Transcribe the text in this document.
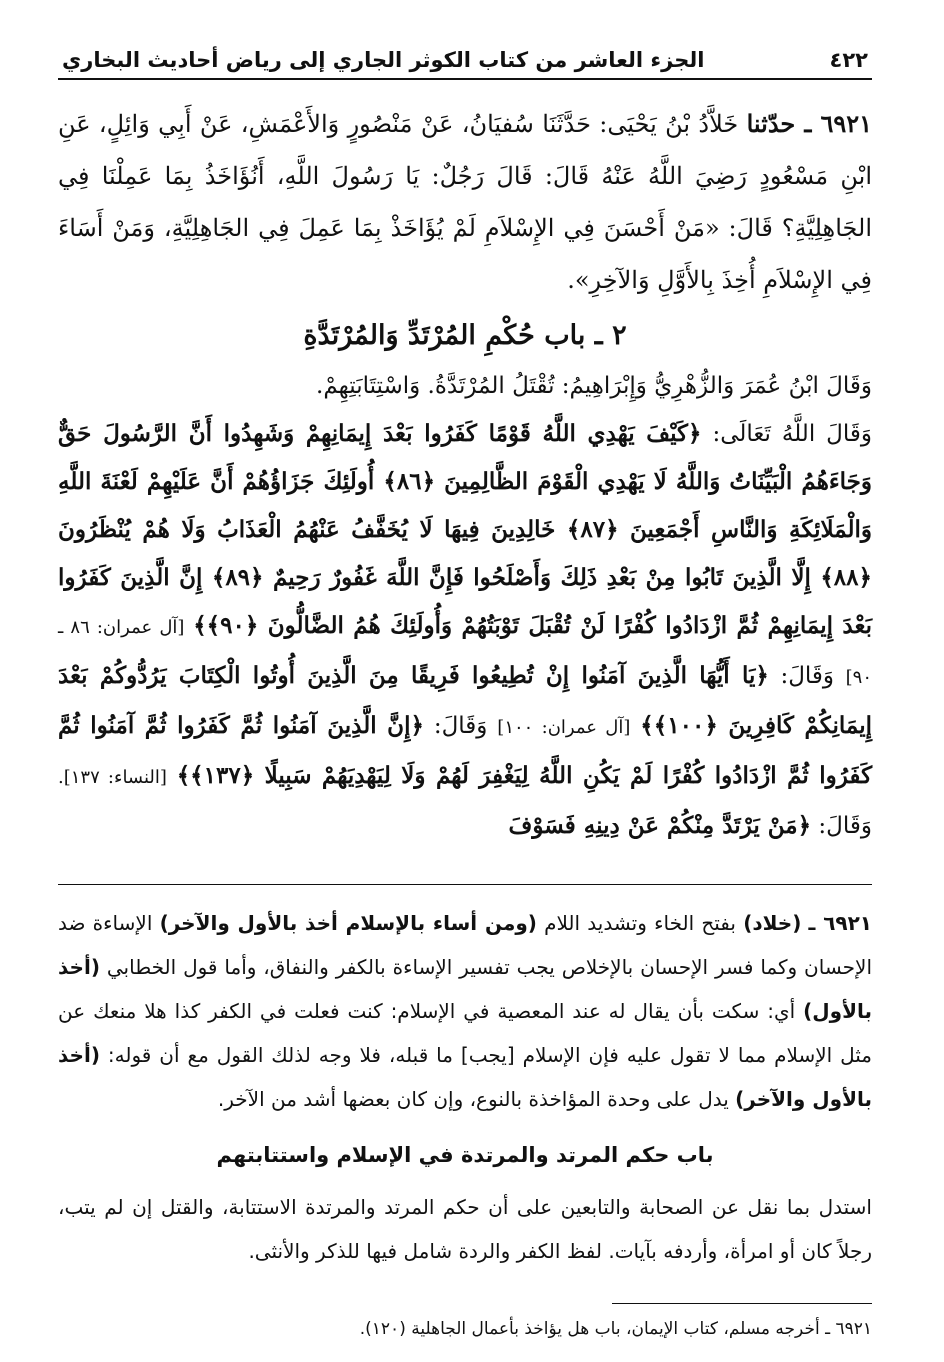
٤٢٢
الجزء العاشر من كتاب الكوثر الجاري إلى رياض أحاديث البخاري
٦٩٢١ ـ حدّثنا خَلاَّدُ بْنُ يَحْيَى: حَدَّثَنَا سُفيَانُ، عَنْ مَنْصُورٍ وَالأَعْمَشِ، عَنْ أَبِي وَائِلٍ، عَنِ ابْنِ مَسْعُودٍ رَضِيَ اللَّهُ عَنْهُ قَالَ: قَالَ رَجُلٌ: يَا رَسُولَ اللَّهِ، أَنُؤَاخَذُ بِمَا عَمِلْنَا فِي الجَاهِلِيَّةِ؟ قَالَ: «مَنْ أَحْسَنَ فِي الإِسْلاَمِ لَمْ يُؤَاخَذْ بِمَا عَمِلَ فِي الجَاهِلِيَّةِ، وَمَنْ أَسَاءَ فِي الإِسْلاَمِ أُخِذَ بِالأَوَّلِ وَالآخِرِ».
٢ ـ باب حُكْمِ المُرْتَدِّ وَالمُرْتَدَّةِ

وَقَالَ ابْنُ عُمَرَ وَالزُّهْرِيُّ وَإِبْرَاهِيمُ: تُقْتَلُ المُرْتَدَّةُ. وَاسْتِتَابَتِهِمْ.

وَقَالَ اللَّهُ تَعَالَى: ﴿كَيْفَ يَهْدِي اللَّهُ قَوْمًا كَفَرُوا بَعْدَ إِيمَانِهِمْ وَشَهِدُوا أَنَّ الرَّسُولَ حَقٌّ وَجَاءَهُمُ الْبَيِّنَاتُ وَاللَّهُ لَا يَهْدِي الْقَوْمَ الظَّالِمِينَ ﴿٨٦﴾ أُولَئِكَ جَزَاؤُهُمْ أَنَّ عَلَيْهِمْ لَعْنَةَ اللَّهِ وَالْمَلَائِكَةِ وَالنَّاسِ أَجْمَعِينَ ﴿٨٧﴾ خَالِدِينَ فِيهَا لَا يُخَفَّفُ عَنْهُمُ الْعَذَابُ وَلَا هُمْ يُنْظَرُونَ ﴿٨٨﴾ إِلَّا الَّذِينَ تَابُوا مِنْ بَعْدِ ذَلِكَ وَأَصْلَحُوا فَإِنَّ اللَّهَ غَفُورٌ رَحِيمٌ ﴿٨٩﴾ إِنَّ الَّذِينَ كَفَرُوا بَعْدَ إِيمَانِهِمْ ثُمَّ ازْدَادُوا كُفْرًا لَنْ تُقْبَلَ تَوْبَتُهُمْ وَأُولَئِكَ هُمُ الضَّالُّونَ ﴿٩٠﴾﴾ [آل عمران: ٨٦ ـ ٩٠] وَقَالَ: ﴿يَا أَيُّهَا الَّذِينَ آمَنُوا إِنْ تُطِيعُوا فَرِيقًا مِنَ الَّذِينَ أُوتُوا الْكِتَابَ يَرُدُّوكُمْ بَعْدَ إِيمَانِكُمْ كَافِرِينَ ﴿١٠٠﴾﴾ [آل عمران: ١٠٠] وَقَالَ: ﴿إِنَّ الَّذِينَ آمَنُوا ثُمَّ كَفَرُوا ثُمَّ آمَنُوا ثُمَّ كَفَرُوا ثُمَّ ازْدَادُوا كُفْرًا لَمْ يَكُنِ اللَّهُ لِيَغْفِرَ لَهُمْ وَلَا لِيَهْدِيَهُمْ سَبِيلًا ﴿١٣٧﴾﴾ [النساء: ١٣٧]. وَقَالَ: ﴿مَنْ يَرْتَدَّ مِنْكُمْ عَنْ دِينِهِ فَسَوْفَ
٦٩٢١ ـ (خلاد) بفتح الخاء وتشديد اللام (ومن أساء بالإسلام أخذ بالأول والآخر) الإساءة ضد الإحسان وكما فسر الإحسان بالإخلاص يجب تفسير الإساءة بالكفر والنفاق، وأما قول الخطابي (أخذ بالأول) أي: سكت بأن يقال له عند المعصية في الإسلام: كنت فعلت في الكفر كذا هلا منعك عن مثل الإسلام مما لا تقول عليه فإن الإسلام [يجب] ما قبله، فلا وجه لذلك القول مع أن قوله: (أخذ بالأول والآخر) يدل على وحدة المؤاخذة بالنوع، وإن كان بعضها أشد من الآخر.
باب حكم المرتد والمرتدة في الإسلام واستتابتهم
استدل بما نقل عن الصحابة والتابعين على أن حكم المرتد والمرتدة الاستتابة، والقتل إن لم يتب، رجلاً كان أو امرأة، وأردفه بآيات. لفظ الكفر والردة شامل فيها للذكر والأنثى.
٦٩٢١ ـ أخرجه مسلم، كتاب الإيمان، باب هل يؤاخذ بأعمال الجاهلية (١٢٠).
